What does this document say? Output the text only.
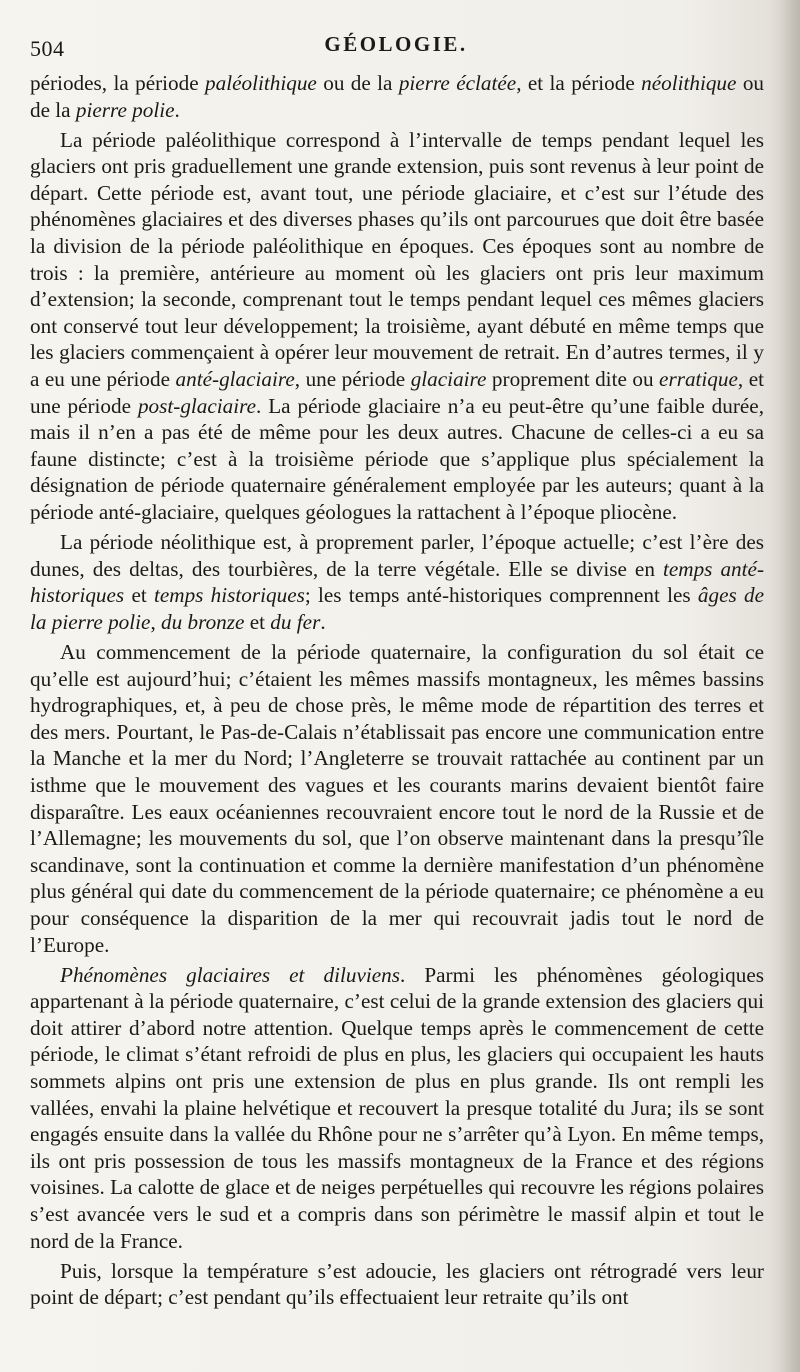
504	GÉOLOGIE.

périodes, la période paléolithique ou de la pierre éclatée, et la période néolithique ou de la pierre polie.

La période paléolithique correspond à l’intervalle de temps pendant lequel les glaciers ont pris graduellement une grande extension, puis sont revenus à leur point de départ. Cette période est, avant tout, une période glaciaire, et c’est sur l’étude des phénomènes glaciaires et des diverses phases qu’ils ont parcourues que doit être basée la division de la période paléolithique en époques. Ces époques sont au nombre de trois : la première, antérieure au moment où les glaciers ont pris leur maximum d’extension; la seconde, comprenant tout le temps pendant lequel ces mêmes glaciers ont conservé tout leur développement; la troisième, ayant débuté en même temps que les glaciers commençaient à opérer leur mouvement de retrait. En d’autres termes, il y a eu une période anté-glaciaire, une période glaciaire proprement dite ou erratique, et une période post-glaciaire. La période glaciaire n’a eu peut-être qu’une faible durée, mais il n’en a pas été de même pour les deux autres. Chacune de celles-ci a eu sa faune distincte; c’est à la troisième période que s’applique plus spécialement la désignation de période quaternaire généralement employée par les auteurs; quant à la période anté-glaciaire, quelques géologues la rattachent à l’époque pliocène.

La période néolithique est, à proprement parler, l’époque actuelle; c’est l’ère des dunes, des deltas, des tourbières, de la terre végétale. Elle se divise en temps anté-historiques et temps historiques; les temps anté-historiques comprennent les âges de la pierre polie, du bronze et du fer.

Au commencement de la période quaternaire, la configuration du sol était ce qu’elle est aujourd’hui; c’étaient les mêmes massifs montagneux, les mêmes bassins hydrographiques, et, à peu de chose près, le même mode de répartition des terres et des mers. Pourtant, le Pas-de-Calais n’établissait pas encore une communication entre la Manche et la mer du Nord; l’Angleterre se trouvait rattachée au continent par un isthme que le mouvement des vagues et les courants marins devaient bientôt faire disparaître. Les eaux océaniennes recouvraient encore tout le nord de la Russie et de l’Allemagne; les mouvements du sol, que l’on observe maintenant dans la presqu’île scandinave, sont la continuation et comme la dernière manifestation d’un phénomène plus général qui date du commencement de la période quaternaire; ce phénomène a eu pour conséquence la disparition de la mer qui recouvrait jadis tout le nord de l’Europe.

Phénomènes glaciaires et diluviens. Parmi les phénomènes géologiques appartenant à la période quaternaire, c’est celui de la grande extension des glaciers qui doit attirer d’abord notre attention. Quelque temps après le commencement de cette période, le climat s’étant refroidi de plus en plus, les glaciers qui occupaient les hauts sommets alpins ont pris une extension de plus en plus grande. Ils ont rempli les vallées, envahi la plaine helvétique et recouvert la presque totalité du Jura; ils se sont engagés ensuite dans la vallée du Rhône pour ne s’arrêter qu’à Lyon. En même temps, ils ont pris possession de tous les massifs montagneux de la France et des régions voisines. La calotte de glace et de neiges perpétuelles qui recouvre les régions polaires s’est avancée vers le sud et a compris dans son périmètre le massif alpin et tout le nord de la France.

Puis, lorsque la température s’est adoucie, les glaciers ont rétrogradé vers leur point de départ; c’est pendant qu’ils effectuaient leur retraite qu’ils ont
